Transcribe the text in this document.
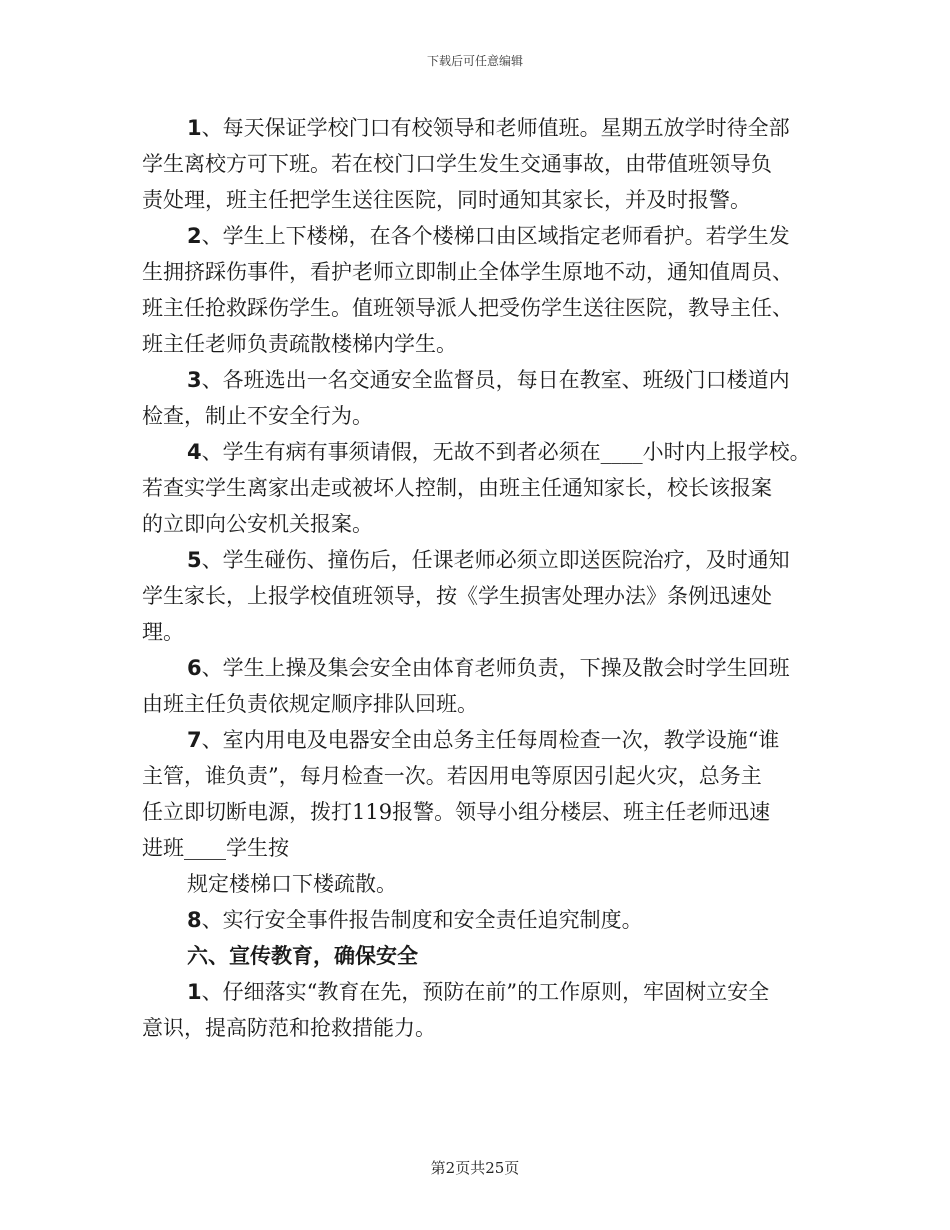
下载后可任意编辑
1、每天保证学校门口有校领导和老师值班。星期五放学时待全部
学生离校方可下班。若在校门口学生发生交通事故，由带值班领导负
责处理，班主任把学生送往医院，同时通知其家长，并及时报警。
2、学生上下楼梯，在各个楼梯口由区域指定老师看护。若学生发
生拥挤踩伤事件，看护老师立即制止全体学生原地不动，通知值周员、
班主任抢救踩伤学生。值班领导派人把受伤学生送往医院，教导主任、
班主任老师负责疏散楼梯内学生。
3、各班选出一名交通安全监督员，每日在教室、班级门口楼道内
检查，制止不安全行为。
4、学生有病有事须请假，无故不到者必须在____小时内上报学校。
若查实学生离家出走或被坏人控制，由班主任通知家长，校长该报案
的立即向公安机关报案。
5、学生碰伤、撞伤后，任课老师必须立即送医院治疗，及时通知
学生家长，上报学校值班领导，按《学生损害处理办法》条例迅速处
理。
6、学生上操及集会安全由体育老师负责，下操及散会时学生回班
由班主任负责依规定顺序排队回班。
7、室内用电及电器安全由总务主任每周检查一次，教学设施“谁
主管，谁负责”，每月检查一次。若因用电等原因引起火灾，总务主
任立即切断电源，拨打119报警。领导小组分楼层、班主任老师迅速
进班____学生按
规定楼梯口下楼疏散。
8、实行安全事件报告制度和安全责任追究制度。
六、宣传教育，确保安全
1、仔细落实“教育在先，预防在前”的工作原则，牢固树立安全
意识，提高防范和抢救措能力。
第2页共25页
